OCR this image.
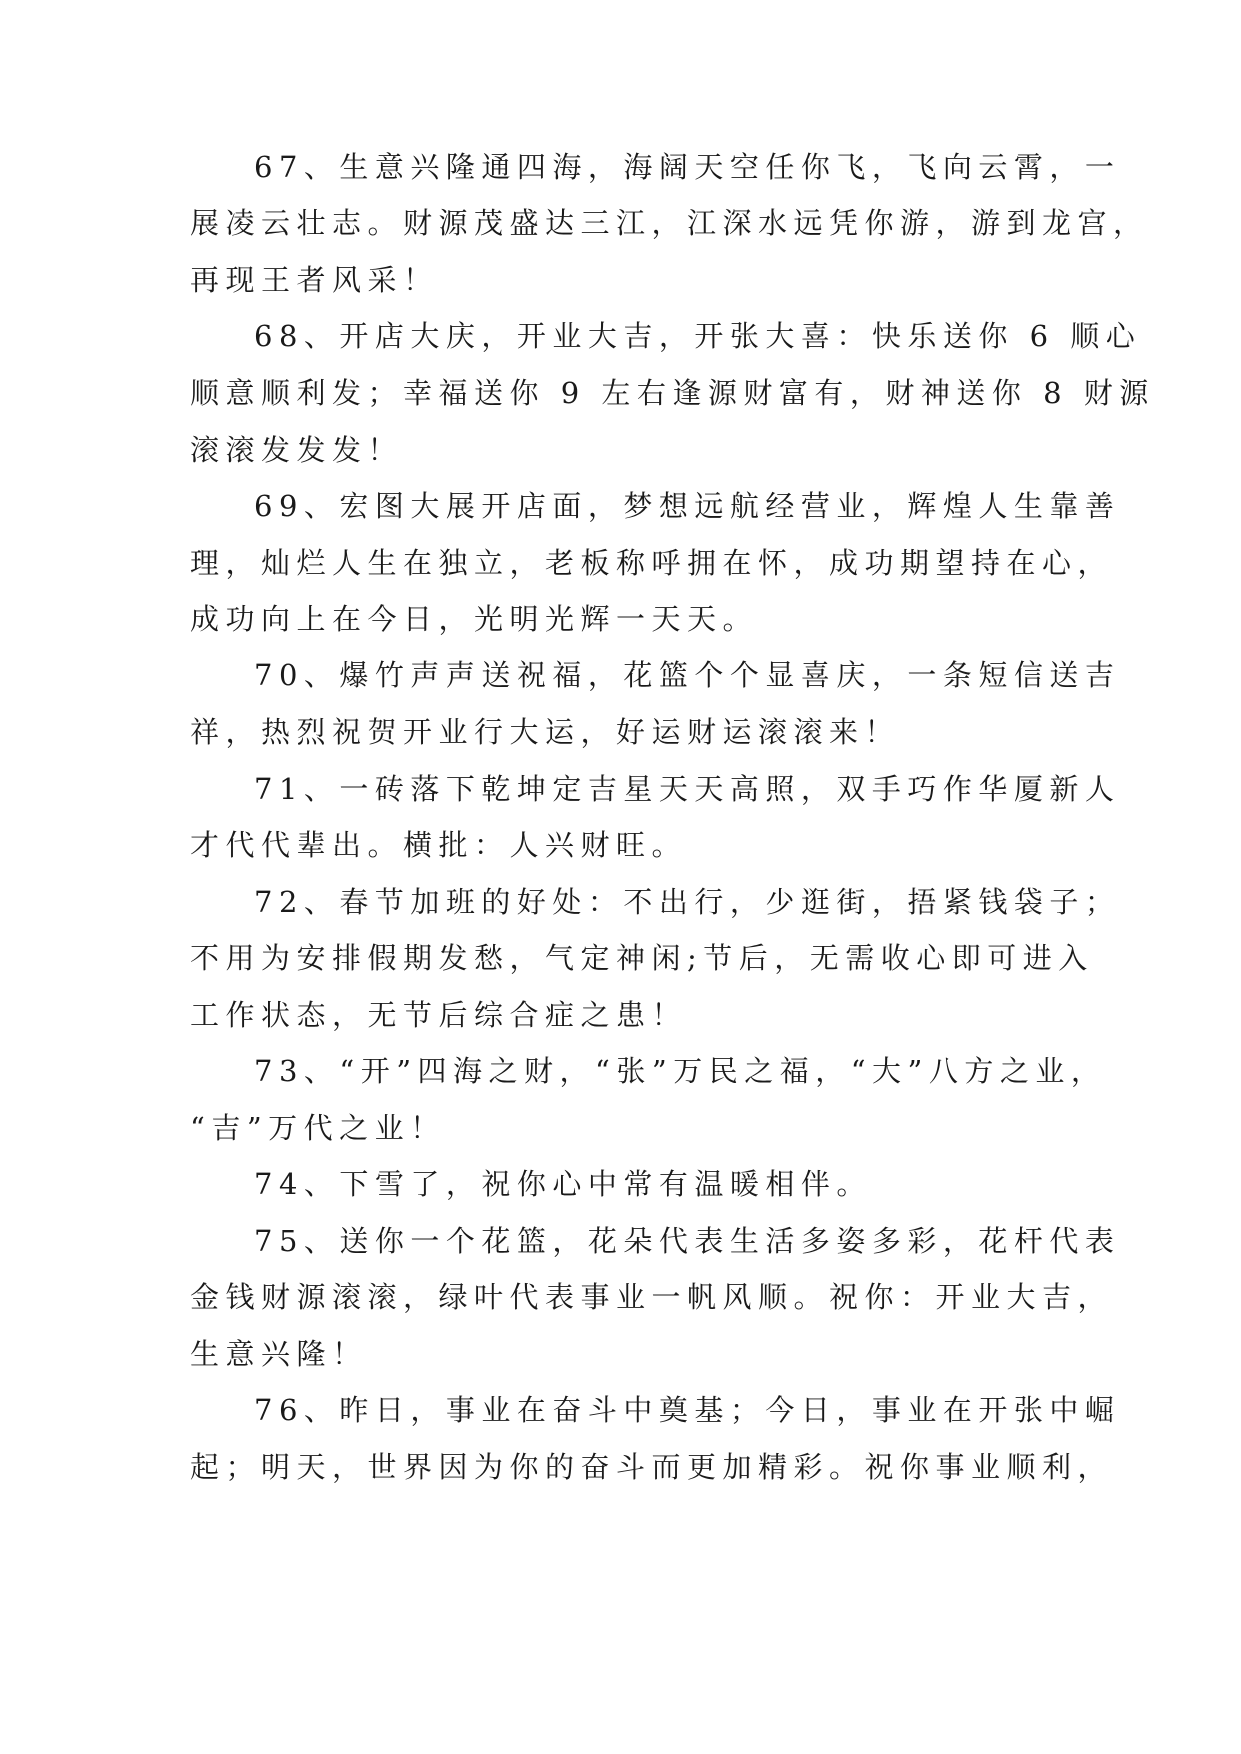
67、生意兴隆通四海，海阔天空任你飞，飞向云霄，一
展凌云壮志。财源茂盛达三江，江深水远凭你游，游到龙宫，
再现王者风采！
68、开店大庆，开业大吉，开张大喜：快乐送你 6 顺心
顺意顺利发；幸福送你 9 左右逢源财富有，财神送你 8 财源
滚滚发发发！
69、宏图大展开店面，梦想远航经营业，辉煌人生靠善
理，灿烂人生在独立，老板称呼拥在怀，成功期望持在心，
成功向上在今日，光明光辉一天天。
70、爆竹声声送祝福，花篮个个显喜庆，一条短信送吉
祥，热烈祝贺开业行大运，好运财运滚滚来！
71、一砖落下乾坤定吉星天天高照，双手巧作华厦新人
才代代辈出。横批：人兴财旺。
72、春节加班的好处：不出行，少逛街，捂紧钱袋子；
不用为安排假期发愁，气定神闲;节后，无需收心即可进入
工作状态，无节后综合症之患！
73、“开”四海之财，“张”万民之福，“大”八方之业，
“吉”万代之业！
74、下雪了，祝你心中常有温暖相伴。
75、送你一个花篮，花朵代表生活多姿多彩，花杆代表
金钱财源滚滚，绿叶代表事业一帆风顺。祝你：开业大吉，
生意兴隆！
76、昨日，事业在奋斗中奠基；今日，事业在开张中崛
起；明天，世界因为你的奋斗而更加精彩。祝你事业顺利，
